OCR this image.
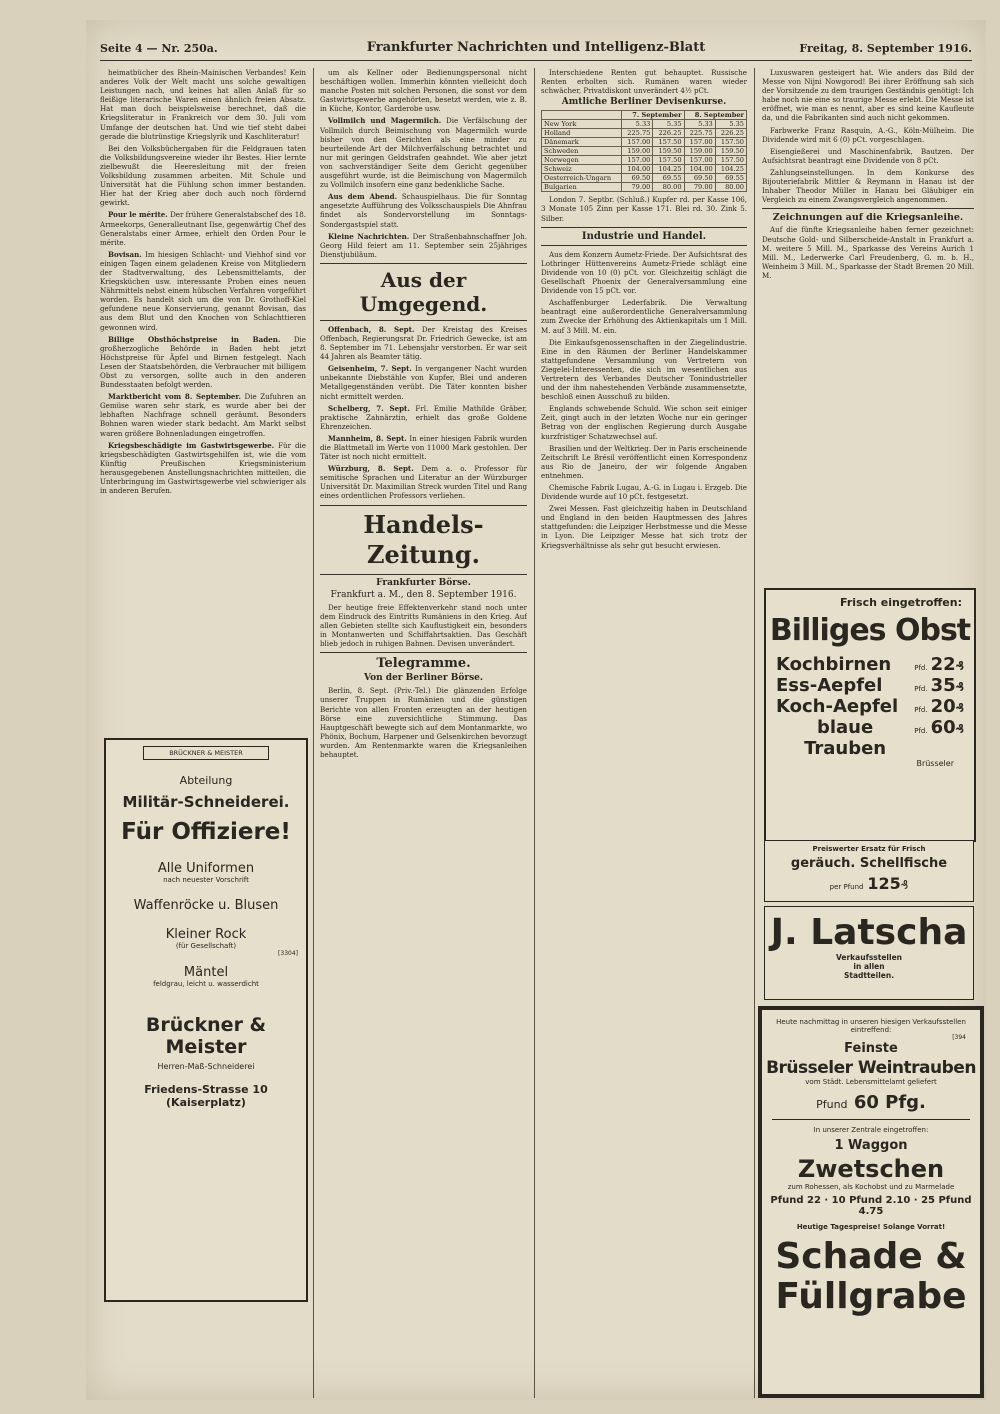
Seite 4 — Nr. 250a.	Frankfurter Nachrichten und Intelligenz-Blatt	Freitag, 8. September 1916.

heimatbücher des Rhein-Mainischen Verbandes! Kein anderes Volk der Welt macht uns solche gewaltigen Leistungen nach, und keines hat allen Anlaß für so fleißige literarische Waren einen ähnlich freien Absatz. Hat man doch beispielsweise berechnet, daß die Kriegsliteratur in Frankreich vor dem 30. Juli vom Umfange der deutschen hat. Und wie tief steht dabei gerade die blutrünstige Kriegslyrik und Kaschliteratur!

Bei den Volksbüchergaben für die Feldgrauen taten die Volksbildungsvereine wieder ihr Bestes. Hier lernte zielbewußt die Heeresleitung mit der freien Volksbildung zusammen arbeiten. Mit Schule und Universität hat die Fühlung schon immer bestanden. Hier hat der Krieg aber doch auch noch fördernd gewirkt.

Pour le mérite. Der frühere Generalstabschef des 18. Armeekorps, Generalleutnant Ilse, gegenwärtig Chef des Generalstabs einer Armee, erhielt den Orden Pour le mérite.

Bovisan. Im hiesigen Schlacht- und Viehhof sind vor einigen Tagen einem geladenen Kreise von Mitgliedern der Stadtverwaltung, des Lebensmittelamts, der Kriegsküchen usw. interessante Proben eines neuen Nährmittels nebst einem hübschen Verfahren vorgeführt worden. Es handelt sich um die von Dr. Grothoff-Kiel gefundene neue Konservierung, genannt Bovisan, das aus dem Blut und den Knochen von Schlachttieren gewonnen wird.

Billige Obsthöchstpreise in Baden. Die großherzogliche Behörde in Baden hebt jetzt Höchstpreise für Äpfel und Birnen festgelegt. Nach Lesen der Staatsbehörden, die Verbraucher mit billigem Obst zu versorgen, sollte auch in den anderen Bundesstaaten befolgt werden.

Marktbericht vom 8. September. Die Zufuhren an Gemüse waren sehr stark, es wurde aber bei der lebhaften Nachfrage schnell geräumt. Besonders Bohnen waren wieder stark bedacht. Am Markt selbst waren größere Bohnenladungen eingetroffen.

Kriegsbeschädigte im Gastwirtsgewerbe. Für die kriegsbeschädigten Gastwirtsgehilfen ist, wie die vom Künftig Preußischen Kriegsministerium herausgegebenen Anstellungsnachrichten mitteilen, die Unterbringung im Gastwirtsgewerbe viel schwieriger als in anderen Berufen.

BRÜCKNER & MEISTER
Abteilung
Militär-Schneiderei.
Für Offiziere!
Alle Uniformen
nach neuester Vorschrift
Waffenröcke u. Blusen
Kleiner Rock
(für Gesellschaft)
[3304]
Mäntel
feldgrau, leicht u. wasserdicht
Brückner & Meister
Herren-Maß-Schneiderei
Friedens-Strasse 10 (Kaiserplatz)

um als Kellner oder Bedienungspersonal nicht beschäftigen wollen. Immerhin könnten vielleicht doch manche Posten mit solchen Personen, die sonst vor dem Gastwirtsgewerbe angehörten, besetzt werden, wie z. B. in Küche, Kontor, Garderobe usw.

Vollmilch und Magermilch. Die Verfälschung der Vollmilch durch Beimischung von Magermilch wurde bisher von den Gerichten als eine minder zu beurteilende Art der Milchverfälschung betrachtet und nur mit geringen Geldstrafen geahndet. Wie aber jetzt von sachverständiger Seite dem Gericht gegenüber ausgeführt wurde, ist die Beimischung von Magermilch zu Vollmilch insofern eine ganz bedenkliche Sache.

Aus dem Abend. Schauspielhaus. Die für Sonntag angesetzte Aufführung des Volksschauspiels Die Ahnfrau findet als Sondervorstellung im Sonntags-Sondergastspiel statt.

Kleine Nachrichten. Der Straßenbahnschaffner Joh. Georg Hild feiert am 11. September sein 25jähriges Dienstjubiläum.

Aus der Umgegend.

Offenbach, 8. Sept. Der Kreistag des Kreises Offenbach, Regierungsrat Dr. Friedrich Gewecke, ist am 8. September im 71. Lebensjahr verstorben. Er war seit 44 Jahren als Beamter tätig.

Geisenheim, 7. Sept. In vergangener Nacht wurden unbekannte Diebstähle von Kupfer, Blei und anderen Metallgegenständen verübt. Die Täter konnten bisher nicht ermittelt werden.

Schelberg, 7. Sept. Frl. Emilie Mathilde Gräber, praktische Zahnärztin, erhielt das große Goldene Ehrenzeichen.

Mannheim, 8. Sept. In einer hiesigen Fabrik wurden die Blattmetall im Werte von 11000 Mark gestohlen. Der Täter ist noch nicht ermittelt.

Würzburg, 8. Sept. Dem a. o. Professor für semitische Sprachen und Literatur an der Würzburger Universität Dr. Maximilian Streck wurden Titel und Rang eines ordentlichen Professors verliehen.

Handels-Zeitung.
Frankfurter Börse.
Frankfurt a. M., den 8. September 1916.

Der heutige freie Effektenverkehr stand noch unter dem Eindruck des Eintritts Rumäniens in den Krieg. Auf allen Gebieten stellte sich Kauflustigkeit ein, besonders in Montanwerten und Schiffahrtsaktien. Das Geschäft blieb jedoch in ruhigen Bahnen. Devisen unverändert.

Telegramme.
Von der Berliner Börse.

Berlin, 8. Sept. (Priv.-Tel.) Die glänzenden Erfolge unserer Truppen in Rumänien und die günstigen Berichte von allen Fronten erzeugten an der heutigen Börse eine zuversichtliche Stimmung. Das Hauptgeschäft bewegte sich auf dem Montanmarkte, wo Phönix, Bochum, Harpener und Gelsenkirchen bevorzugt wurden. Am Rentenmarkte waren die Kriegsanleihen behauptet.

Interschiedene Renten gut behauptet. Russische Renten erholten sich. Rumänen waren wieder schwächer, Privatdiskont unverändert 4½ pCt.

Amtliche Berliner Devisenkurse.
	7. September		8. September	
New York	5.33	5.35	5.33	5.35
Holland	225.75	226.25	225.75	226.25
Dänemark	157.00	157.50	157.00	157.50
Schweden	159.00	159.50	159.00	159.50
Norwegen	157.00	157.50	157.00	157.50
Schweiz	104.00	104.25	104.00	104.25
Oesterreich-Ungarn	69.50	69.55	69.50	69.55
Bulgarien	79.00	80.00	79.00	80.00

London 7. Septbr. (Schluß.) Kupfer rd. per Kasse 106, 3 Monate 105 Zinn per Kasse 171. Blei rd. 30. Zink 5. Silber.

Industrie und Handel.

Aus dem Konzern Aumetz-Friede. Der Aufsichtsrat des Lothringer Hüttenvereins Aumetz-Friede schlägt eine Dividende von 10 (0) pCt. vor. Gleichzeitig schlägt die Gesellschaft Phoenix der Generalversammlung eine Dividende von 15 pCt. vor.

Aschaffenburger Lederfabrik. Die Verwaltung beantragt eine außerordentliche Generalversammlung zum Zwecke der Erhöhung des Aktienkapitals um 1 Mill. M. auf 3 Mill. M. ein.

Die Einkaufsgenossenschaften in der Ziegelindustrie. Eine in den Räumen der Berliner Handelskammer stattgefundene Versammlung von Vertretern von Ziegelei-Interessenten, die sich im wesentlichen aus Vertretern des Verbandes Deutscher Tonindustrieller und der ihm nahestehenden Verbände zusammensetzte, beschloß einen Ausschuß zu bilden.

Englands schwebende Schuld. Wie schon seit einiger Zeit, gingt auch in der letzten Woche nur ein geringer Betrag von der englischen Regierung durch Ausgabe kurzfristiger Schatzwechsel auf.

Brasilien und der Weltkrieg. Der in Paris erscheinende Zeitschrift Le Brésil veröffentlicht einen Korrespondenz aus Rio de Janeiro, der wir folgende Angaben entnehmen.

Chemische Fabrik Lugau, A.-G. in Lugau i. Erzgeb. Die Dividende wurde auf 10 pCt. festgesetzt.

Zwei Messen. Fast gleichzeitig haben in Deutschland und England in den beiden Hauptmessen des Jahres stattgefunden: die Leipziger Herbstmesse und die Messe in Lyon. Die Leipziger Messe hat sich trotz der Kriegsverhältnisse als sehr gut besucht erwiesen.

Luxuswaren gesteigert hat. Wie anders das Bild der Messe von Nijni Nowgorod! Bei ihrer Eröffnung sah sich der Vorsitzende zu dem traurigen Geständnis genötigt: Ich habe noch nie eine so traurige Messe erlebt. Die Messe ist eröffnet, wie man es nennt, aber es sind keine Kaufleute da, und die Fabrikanten sind auch nicht gekommen.

Farbwerke Franz Rasquin, A.-G., Köln-Mülheim. Die Dividende wird mit 6 (0) pCt. vorgeschlagen.

Eisengießerei und Maschinenfabrik, Bautzen. Der Aufsichtsrat beantragt eine Dividende von 8 pCt.

Zahlungseinstellungen. In dem Konkurse des Bijouteriefabrik Mittler & Reymann in Hanau ist der Inhaber Theodor Müller in Hanau bei Gläubiger ein Vergleich zu einem Zwangsvergleich angenommen.

Zeichnungen auf die Kriegsanleihe.

Auf die fünfte Kriegsanleihe haben ferner gezeichnet: Deutsche Gold- und Silberscheide-Anstalt in Frankfurt a. M. weitere 5 Mill. M., Sparkasse des Vereins Aurich 1 Mill. M., Lederwerke Carl Freudenberg, G. m. b. H., Weinheim 3 Mill. M., Sparkasse der Stadt Bremen 20 Mill. M.

Frisch eingetroffen:
Billiges Obst
Kochbirnen	Pfd. 22₰
Ess-Aepfel	Pfd. 35₰
Koch-Aepfel Pfd. 20₰
blaue Trauben
Pfd. 60₰
Brüsseler
Preiswerter Ersatz für Frisch
geräuch. Schellfische
per Pfund 125₰
J. Latscha
Verkaufsstellen
in allen
Stadtteilen.
Heute nachmittag in unseren hiesigen Verkaufsstellen eintreffend:
[394
Feinste
Brüsseler Weintrauben
vom Städt. Lebensmittelamt geliefert
Pfund 60 Pfg.
In unserer Zentrale eingetroffen:
1 Waggon
Zwetschen
zum Rohessen, als Kochobst und zu Marmelade
Pfund 22 · 10 Pfund 2.10 · 25 Pfund 4.75
Heutige Tagespreise! Solange Vorrat!
Schade &
Füllgrabe
